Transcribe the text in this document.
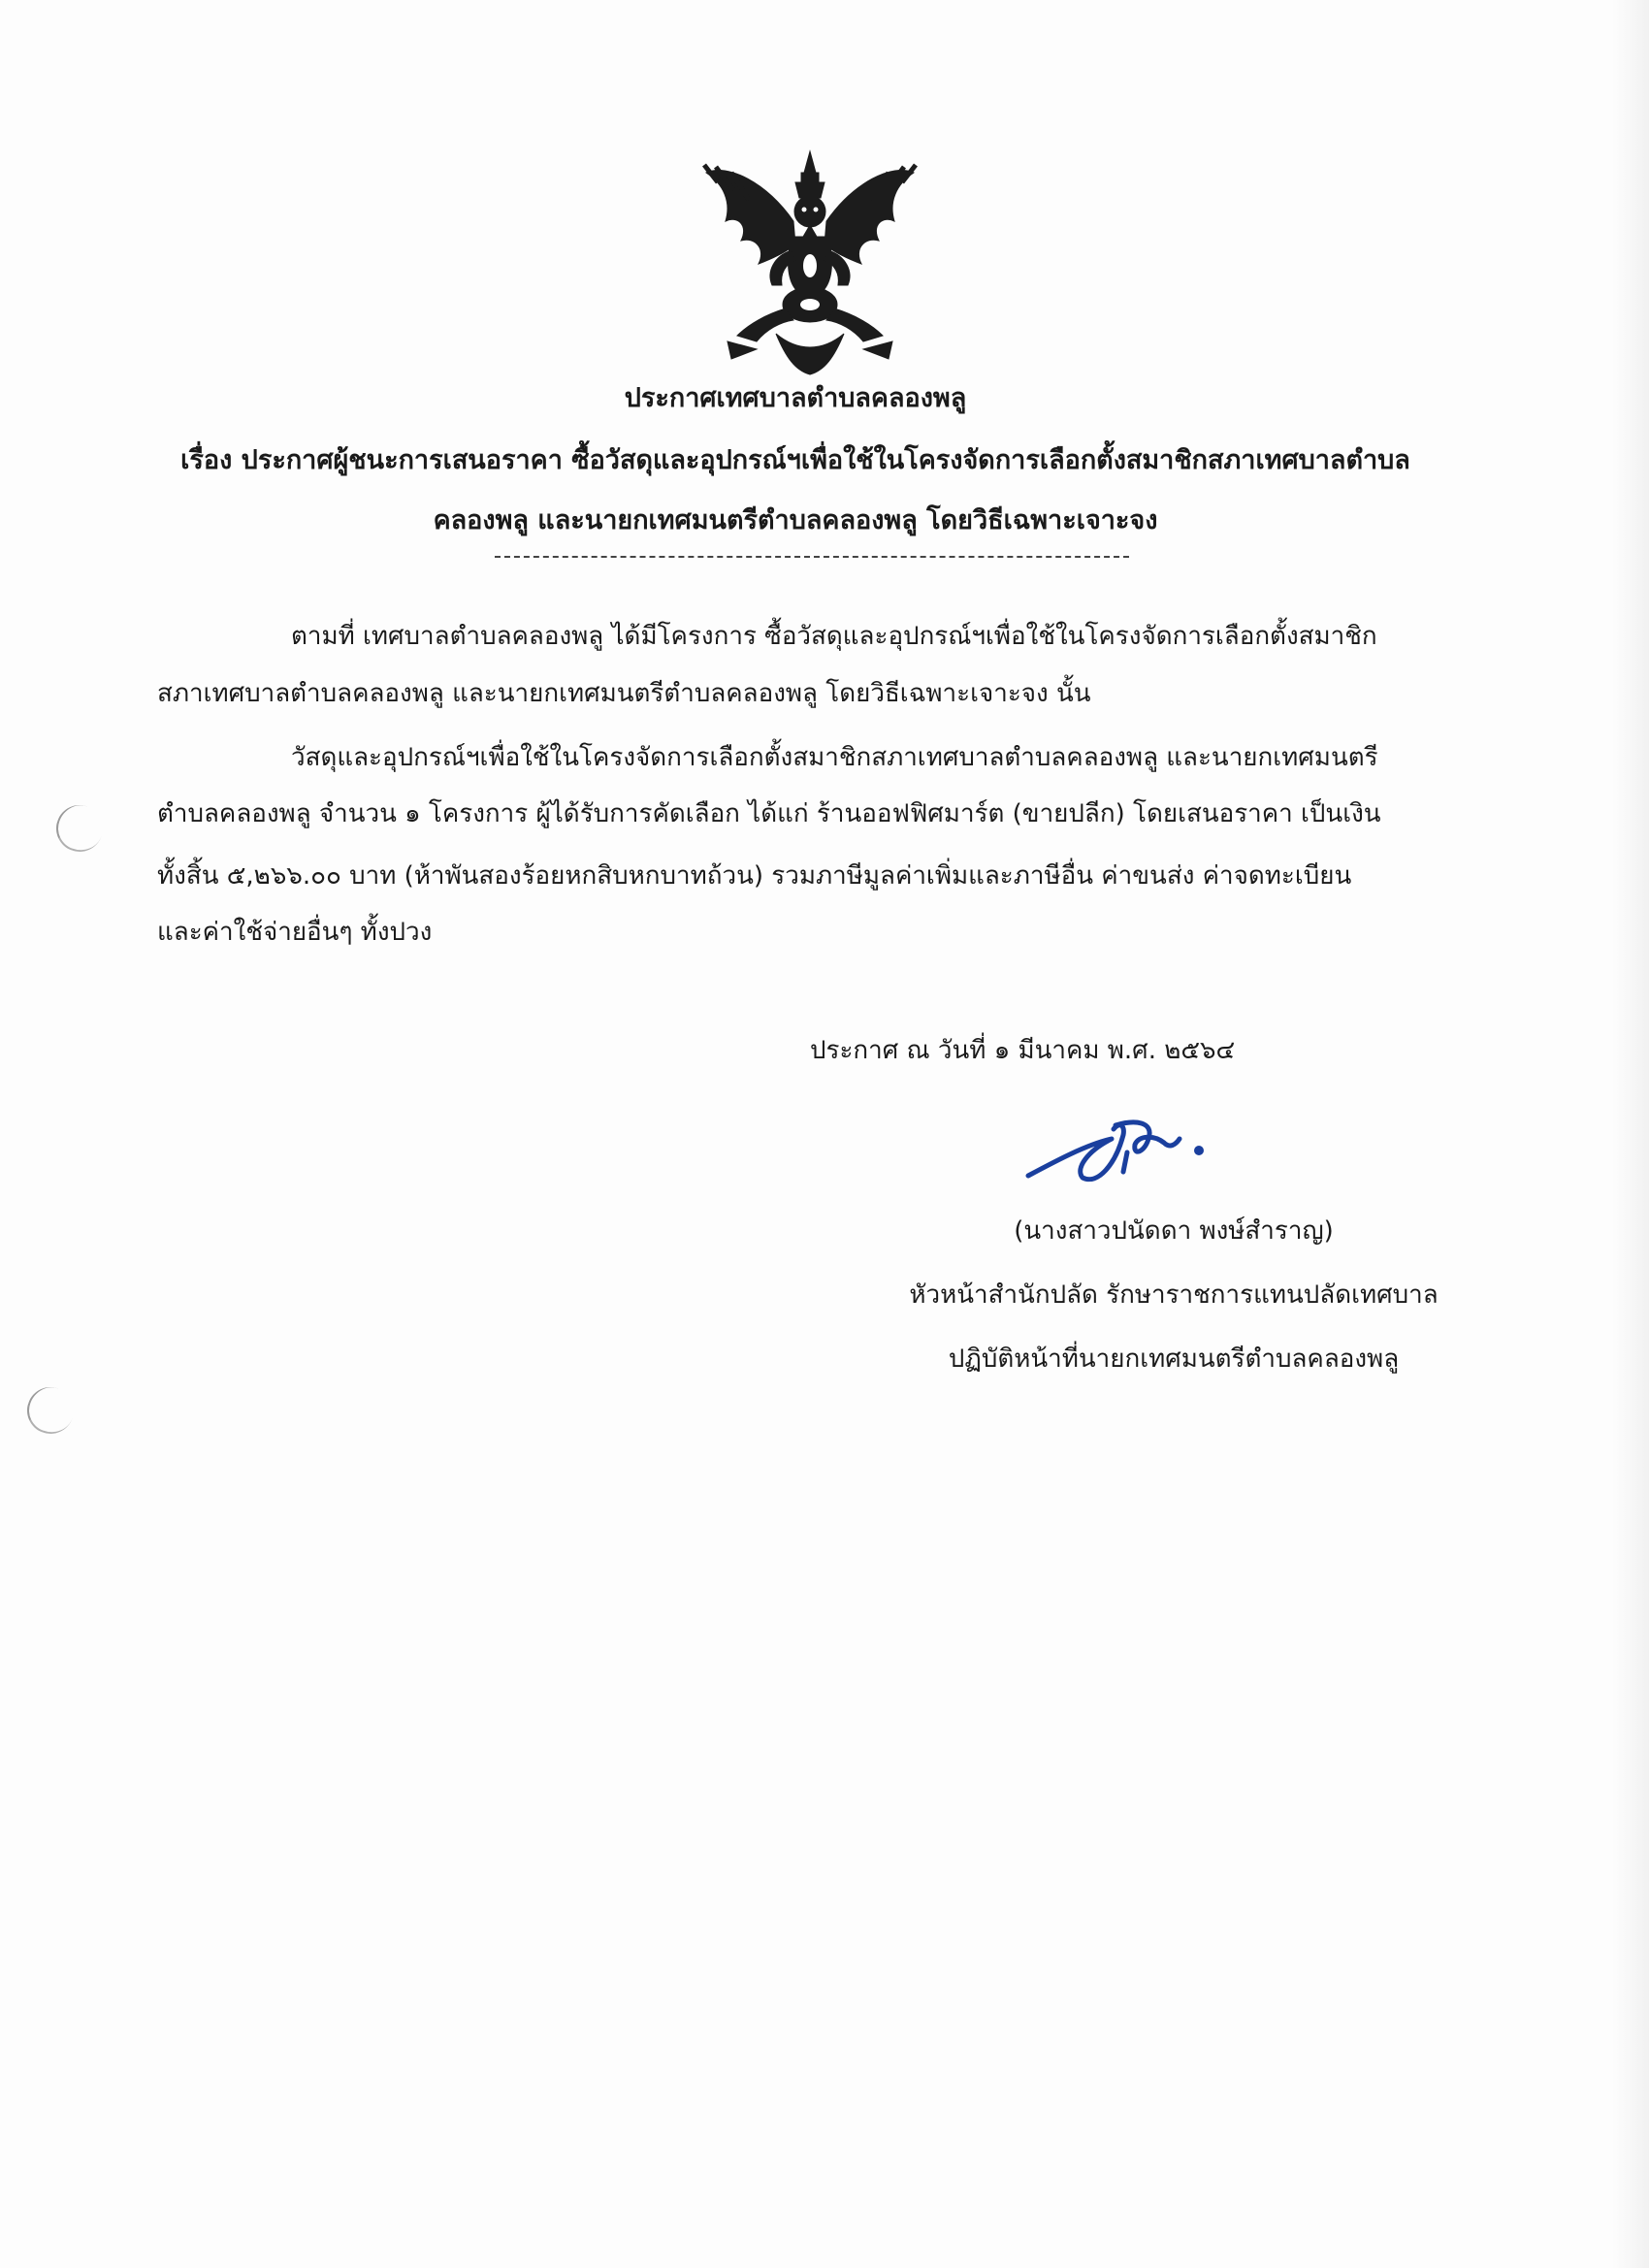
ประกาศเทศบาลตำบลคลองพลู
เรื่อง ประกาศผู้ชนะการเสนอราคา ซื้อวัสดุและอุปกรณ์ฯเพื่อใช้ในโครงจัดการเลือกตั้งสมาชิกสภาเทศบาลตำบล
คลองพลู และนายกเทศมนตรีตำบลคลองพลู โดยวิธีเฉพาะเจาะจง
ตามที่ เทศบาลตำบลคลองพลู ได้มีโครงการ ซื้อวัสดุและอุปกรณ์ฯเพื่อใช้ในโครงจัดการเลือกตั้งสมาชิก
สภาเทศบาลตำบลคลองพลู และนายกเทศมนตรีตำบลคลองพลู โดยวิธีเฉพาะเจาะจง นั้น
วัสดุและอุปกรณ์ฯเพื่อใช้ในโครงจัดการเลือกตั้งสมาชิกสภาเทศบาลตำบลคลองพลู และนายกเทศมนตรี
ตำบลคลองพลู จำนวน ๑ โครงการ ผู้ได้รับการคัดเลือก ได้แก่ ร้านออฟฟิศมาร์ต (ขายปลีก) โดยเสนอราคา เป็นเงิน
ทั้งสิ้น ๕,๒๖๖.๐๐ บาท (ห้าพันสองร้อยหกสิบหกบาทถ้วน) รวมภาษีมูลค่าเพิ่มและภาษีอื่น ค่าขนส่ง ค่าจดทะเบียน
และค่าใช้จ่ายอื่นๆ ทั้งปวง
ประกาศ ณ วันที่ ๑ มีนาคม พ.ศ. ๒๕๖๔
(นางสาวปนัดดา พงษ์สำราญ)
หัวหน้าสำนักปลัด รักษาราชการแทนปลัดเทศบาล
ปฏิบัติหน้าที่นายกเทศมนตรีตำบลคลองพลู
